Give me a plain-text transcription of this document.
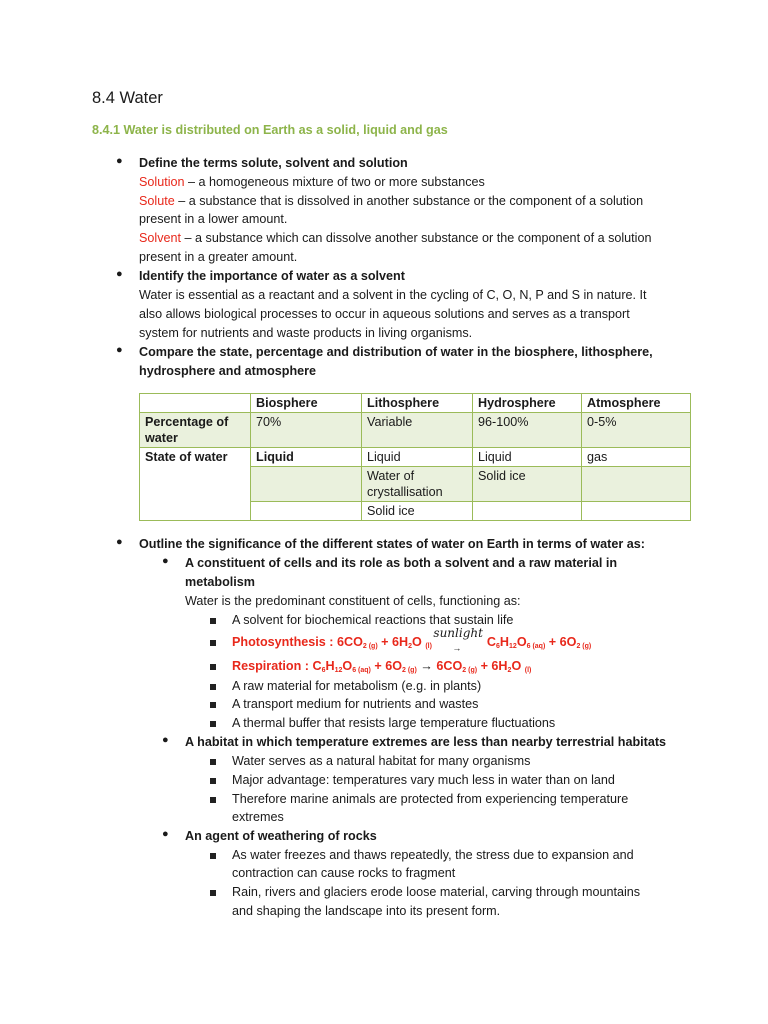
8.4 Water
8.4.1 Water is distributed on Earth as a solid, liquid and gas
● Define the terms solute, solvent and solution
Solution – a homogeneous mixture of two or more substances
Solute – a substance that is dissolved in another substance or the component of a solution
present in a lower amount.
Solvent – a substance which can dissolve another substance or the component of a solution
present in a greater amount.
● Identify the importance of water as a solvent
Water is essential as a reactant and a solvent in the cycling of C, O, N, P and S in nature. It
also allows biological processes to occur in aqueous solutions and serves as a transport
system for nutrients and waste products in living organisms.
● Compare the state, percentage and distribution of water in the biosphere, lithosphere,
hydrosphere and atmosphere
	Biosphere	Lithosphere	Hydrosphere	Atmosphere
Percentage of water	70%	Variable	96-100%	0-5%
State of water	Liquid	Liquid	Liquid	gas
		Water of crystallisation	Solid ice	
		Solid ice		
● Outline the significance of the different states of water on Earth in terms of water as:
● A constituent of cells and its role as both a solvent and a raw material in
metabolism
Water is the predominant constituent of cells, functioning as:
A solvent for biochemical reactions that sustain life
Photosynthesis : $6CO_{2 (g)} + 6H_2O$ $_{(l)}$
sunlight
→ $C_6H_{12}O_{6 (aq)} + 6O_{2 (g)}$
Respiration : $C_6H_{12}O_{6 (aq)} + 6O_{2 (g)} \to 6CO_{2 (g)} + 6H_2O$ $_{(l)}$
A raw material for metabolism (e.g. in plants)
A transport medium for nutrients and wastes
A thermal buffer that resists large temperature fluctuations
● A habitat in which temperature extremes are less than nearby terrestrial habitats
Water serves as a natural habitat for many organisms
Major advantage: temperatures vary much less in water than on land
Therefore marine animals are protected from experiencing temperature
extremes
● An agent of weathering of rocks
As water freezes and thaws repeatedly, the stress due to expansion and
contraction can cause rocks to fragment
Rain, rivers and glaciers erode loose material, carving through mountains
and shaping the landscape into its present form.
